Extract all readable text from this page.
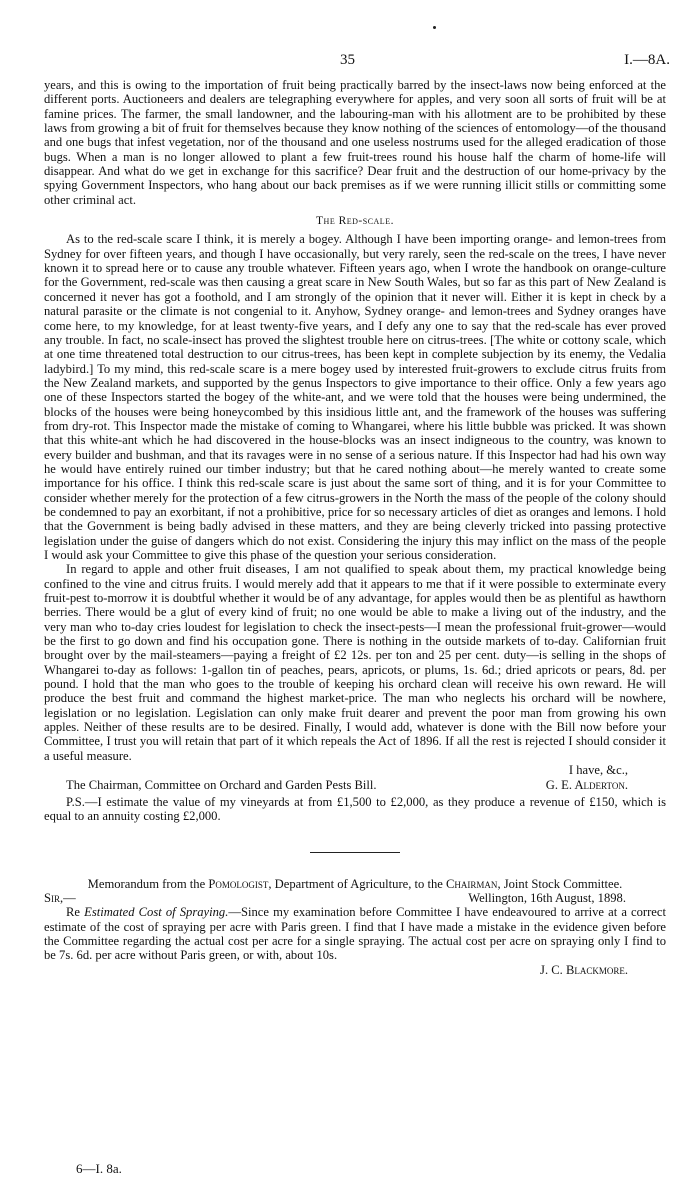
35	I.—8A.

years, and this is owing to the importation of fruit being practically barred by the insect-laws now being enforced at the different ports. Auctioneers and dealers are telegraphing everywhere for apples, and very soon all sorts of fruit will be at famine prices. The farmer, the small landowner, and the labouring-man with his allotment are to be prohibited by these laws from growing a bit of fruit for themselves because they know nothing of the sciences of entomology—of the thousand and one bugs that infest vegetation, nor of the thousand and one useless nostrums used for the alleged eradication of those bugs. When a man is no longer allowed to plant a few fruit-trees round his house half the charm of home-life will disappear. And what do we get in exchange for this sacrifice? Dear fruit and the destruction of our home-privacy by the spying Government Inspectors, who hang about our back premises as if we were running illicit stills or committing some other criminal act.

The Red-scale.

As to the red-scale scare I think, it is merely a bogey. Although I have been importing orange- and lemon-trees from Sydney for over fifteen years, and though I have occasionally, but very rarely, seen the red-scale on the trees, I have never known it to spread here or to cause any trouble whatever. Fifteen years ago, when I wrote the handbook on orange-culture for the Government, red-scale was then causing a great scare in New South Wales, but so far as this part of New Zealand is concerned it never has got a foothold, and I am strongly of the opinion that it never will. Either it is kept in check by a natural parasite or the climate is not congenial to it. Anyhow, Sydney orange- and lemon-trees and Sydney oranges have come here, to my knowledge, for at least twenty-five years, and I defy any one to say that the red-scale has ever proved any trouble. In fact, no scale-insect has proved the slightest trouble here on citrus-trees. [The white or cottony scale, which at one time threatened total destruction to our citrus-trees, has been kept in complete subjection by its enemy, the Vedalia ladybird.] To my mind, this red-scale scare is a mere bogey used by interested fruit-growers to exclude citrus fruits from the New Zealand markets, and supported by the genus Inspectors to give importance to their office. Only a few years ago one of these Inspectors started the bogey of the white-ant, and we were told that the houses were being undermined, the blocks of the houses were being honeycombed by this insidious little ant, and the framework of the houses was suffering from dry-rot. This Inspector made the mistake of coming to Whangarei, where his little bubble was pricked. It was shown that this white-ant which he had discovered in the house-blocks was an insect indigneous to the country, was known to every builder and bushman, and that its ravages were in no sense of a serious nature. If this Inspector had had his own way he would have entirely ruined our timber industry; but that he cared nothing about—he merely wanted to create some importance for his office. I think this red-scale scare is just about the same sort of thing, and it is for your Committee to consider whether merely for the protection of a few citrus-growers in the North the mass of the people of the colony should be condemned to pay an exorbitant, if not a prohibitive, price for so necessary articles of diet as oranges and lemons. I hold that the Government is being badly advised in these matters, and they are being cleverly tricked into passing protective legislation under the guise of dangers which do not exist. Considering the injury this may inflict on the mass of the people I would ask your Committee to give this phase of the question your serious consideration.

In regard to apple and other fruit diseases, I am not qualified to speak about them, my practical knowledge being confined to the vine and citrus fruits. I would merely add that it appears to me that if it were possible to exterminate every fruit-pest to-morrow it is doubtful whether it would be of any advantage, for apples would then be as plentiful as hawthorn berries. There would be a glut of every kind of fruit; no one would be able to make a living out of the industry, and the very man who to-day cries loudest for legislation to check the insect-pests—I mean the professional fruit-grower—would be the first to go down and find his occupation gone. There is nothing in the outside markets of to-day. Californian fruit brought over by the mail-steamers—paying a freight of £2 12s. per ton and 25 per cent. duty—is selling in the shops of Whangarei to-day as follows: 1-gallon tin of peaches, pears, apricots, or plums, 1s. 6d.; dried apricots or pears, 8d. per pound. I hold that the man who goes to the trouble of keeping his orchard clean will receive his own reward. He will produce the best fruit and command the highest market-price. The man who neglects his orchard will be nowhere, legislation or no legislation. Legislation can only make fruit dearer and prevent the poor man from growing his own apples. Neither of these results are to be desired. Finally, I would add, whatever is done with the Bill now before your Committee, I trust you will retain that part of it which repeals the Act of 1896. If all the rest is rejected I should consider it a useful measure.

I have, &c.,
The Chairman, Committee on Orchard and Garden Pests Bill.	G. E. Alderton.

P.S.—I estimate the value of my vineyards at from £1,500 to £2,000, as they produce a revenue of £150, which is equal to an annuity costing £2,000.

Memorandum from the Pomologist, Department of Agriculture, to the Chairman, Joint Stock Committee.
Sir,—	Wellington, 16th August, 1898.

Re Estimated Cost of Spraying.—Since my examination before Committee I have endeavoured to arrive at a correct estimate of the cost of spraying per acre with Paris green. I find that I have made a mistake in the evidence given before the Committee regarding the actual cost per acre for a single spraying. The actual cost per acre on spraying only I find to be 7s. 6d. per acre without Paris green, or with, about 10s.

J. C. Blackmore.
6—I. 8a.
